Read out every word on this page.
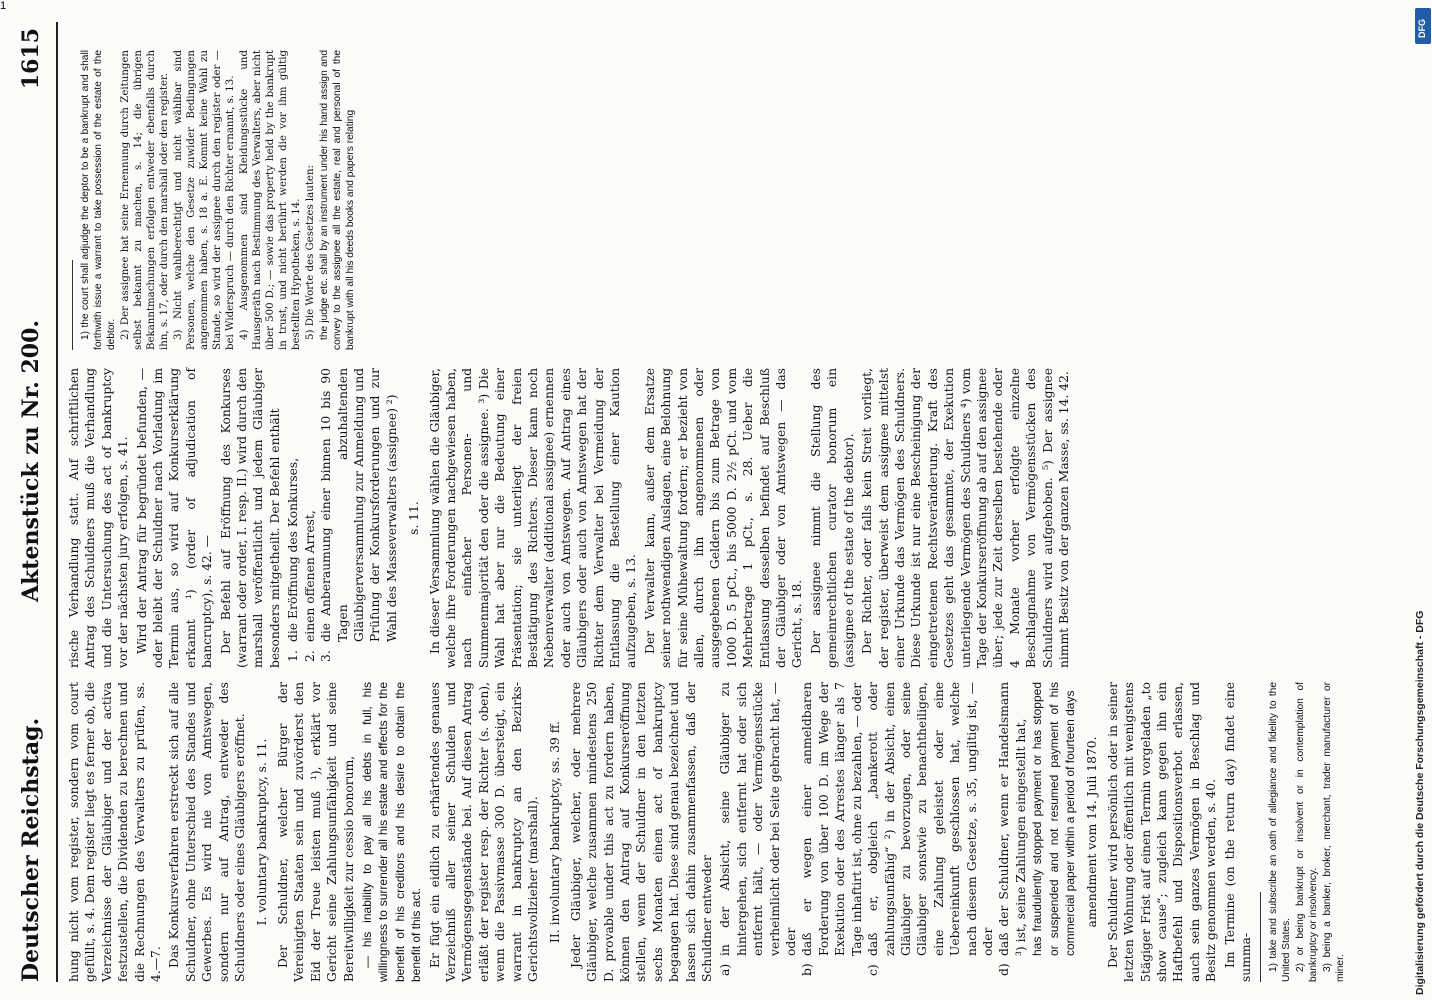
1
Deutscher Reichstag.
Aktenstück zu Nr. 200.
1615

hung nicht vom register, sondern vom court gefüllt, s. 4. Dem register liegt es ferner ob, die Verzeichnisse der Gläubiger und der activa festzustellen, die Dividenden zu berechnen und die Rechnungen des Verwalters zu prüfen, ss. 4.—7. Das Konkursverfahren erstreckt sich auf alle Schuldner, ohne Unterschied des Standes und Gewerbes. Es wird nie von Amtswegen, sondern nur auf Antrag, entweder des Schuldners oder eines Gläubigers eröffnet. I. voluntary bankruptcy, s. 11. Der Schuldner, welcher Bürger der Vereinigten Staaten sein und zuvörderst den Eid der Treue leisten muß ¹), erklärt vor Gericht seine Zahlungsunfähigkeit und seine Bereitwilligkeit zur cessio bonorum, — his inability to pay all his debts in full, his willingness to surrender all his estate and effects for the benefit of his creditors and his desire to obtain the benefit of this act. Er fügt ein eidlich zu erhärtendes genaues Verzeichniß aller seiner Schulden und Vermögensgegenstände bei. Auf diesen Antrag erläßt der register resp. der Richter (s. oben), wenn die Passivmasse 300 D. übersteigt, ein warrant in bankruptcy an den Bezirks-Gerichtsvollzieher (marshall). II. involuntary bankruptcy, ss. 39 ff. Jeder Gläubiger, welcher, oder mehrere Gläubiger, welche zusammen mindestens 250 D. provable under this act zu fordern haben, können den Antrag auf Konkurseröffnung stellen, wenn der Schuldner in den letzten sechs Monaten einen act of bankruptcy begangen hat. Diese sind genau bezeichnet und lassen sich dahin zusammenfassen, daß der Schuldner entweder a)
in der Absicht, seine Gläubiger zu hintergehen, sich entfernt hat oder sich entfernt hält, — oder Vermögensstücke verheimlicht oder bei Seite gebracht hat, — oder
b)
daß er wegen einer anmeldbaren Forderung von über 100 D. im Wege der Exekution oder des Arrestes länger als 7 Tage inhaftirt ist, ohne zu bezahlen, — oder
c)
daß er, obgleich „bankerott oder zahlungsunfähig“ ²) in der Absicht, einen Gläubiger zu bevorzugen, oder seine Gläubiger sonstwie zu benachtheiligen, eine Zahlung geleistet oder eine Uebereinkunft geschlossen hat, welche nach diesem Gesetze, s. 35, ungiltig ist, — oder
d)
daß der Schuldner, wenn er Handelsmann ³) ist, seine Zahlungen eingestellt hat, has fraudulently stopped payment or has stopped or suspended and not resumed payment of his commercial paper within a period of fourteen days amendment vom 14. Juli 1870. Der Schuldner wird persönlich oder in seiner letzten Wohnung oder öffentlich mit wenigstens 5tägiger Frist auf einen Termin vorgeladen „to show cause“; zugleich kann gegen ihn ein Haftbefehl und Dispositionsverbot erlassen, auch sein ganzes Vermögen in Beschlag und Besitz genommen werden, s. 40. Im Termine (on the return day) findet eine summa- 1) take and subscribe an oath of allegiance and fidelity to the United States. 2) or being bankrupt or insolvent or in contemplation of bankruptcy or insolvency. 3) being a banker, broker, merchant, trader manufacturer or miner.

rische Verhandlung statt. Auf schriftlichen Antrag des Schuldners muß die Verhandlung und die Untersuchung des act of bankruptcy vor der nächsten jury erfolgen, s. 41. Wird der Antrag für begründet befunden, — oder bleibt der Schuldner nach Vorladung im Termin aus, so wird auf Konkurserklärung erkannt ¹) (order of adjudication of bancruptcy), s. 42. — Der Befehl auf Eröffnung des Konkurses (warrant oder order, I. resp. II.) wird durch den marshall veröffentlicht und jedem Gläubiger besonders mitgetheilt. Der Befehl enthält 1.
die Eröffnung des Konkurses,
2.
einen offenen Arrest,
3.
die Anberaumung einer binnen 10 bis 90 Tagen abzuhaltenden Gläubigerversammlung zur Anmeldung und Prüfung der Konkursforderungen und zur Wahl des Masseverwalters (assignee) ²) s. 11. In dieser Versammlung wählen die Gläubiger, welche ihre Forderungen nachgewiesen haben, nach einfacher Personen- und Summenmajorität den oder die assignee. ³) Die Wahl hat aber nur die Bedeutung einer Präsentation; sie unterliegt der freien Bestätigung des Richters. Dieser kann noch Nebenverwalter (additional assignee) ernennen oder auch von Amtswegen. Auf Antrag eines Gläubigers oder auch von Amtswegen hat der Richter dem Verwalter bei Vermeidung der Entlassung die Bestellung einer Kaution aufzugeben, s. 13. Der Verwalter kann, außer dem Ersatze seiner nothwendigen Auslagen, eine Belohnung für seine Mühewaltung fordern; er bezieht von allen, durch ihn angenommenen oder ausgegebenen Geldern bis zum Betrage von 1000 D. 5 pCt., bis 5000 D. 2½ pCt. und vom Mehrbetrage 1 pCt., s. 28. Ueber die Entlassung desselben befindet auf Beschluß der Gläubiger oder von Amtswegen — das Gericht, s. 18. Der assignee nimmt die Stellung des gemeinrechtlichen curator bonorum ein (assignee of the estate of the debtor). Der Richter, oder falls kein Streit vorliegt, der register, überweist dem assignee mittelst einer Urkunde das Vermögen des Schuldners. Diese Urkunde ist nur eine Bescheinigung der eingetretenen Rechtsveränderung. Kraft des Gesetzes geht das gesammte, der Exekution unterliegende Vermögen des Schuldners ⁴) vom Tage der Konkurseröffnung ab auf den assignee über; jede zur Zeit derselben bestehende oder 4 Monate vorher erfolgte einzelne Beschlagnahme von Vermögensstücken des Schuldners wird aufgehoben. ⁵) Der assignee nimmt Besitz von der ganzen Masse, ss. 14. 42.

1) the court shall adjudge the deptor to be a bankrupt and shall forthwith issue a warrant to take possession of the estate of the debtor. 2) Der assignee hat seine Ernennung durch Zeitungen selbst bekannt zu machen, s. 14; die übrigen Bekanntmachungen erfolgen entweder ebenfalls durch ihn, s. 17, oder durch den marshall oder den register. 3) Nicht wahlberechtigt und nicht wählbar sind Personen, welche den Gesetze zuwider Bedingungen angenommen haben, s. 18 a. E. Kommt keine Wahl zu Stande, so wird der assignee durch den register oder — bei Widerspruch — durch den Richter ernannt, s. 13. 4) Ausgenommen sind Kleidungsstücke und Hausgeräth nach Bestimmung des Verwalters, aber nicht über 500 D.; — sowie das property held by the bankrupt in trust, und nicht berührt werden die vor ihm gültig bestellten Hypotheken, s. 14. 5) Die Worte des Gesetzes lauten: the judge etc. shall by an instrument under his hand assign and convey to the assignee all the estate, real and personal of the bankrupt with all his deeds books and papers relating

Digitalisierung gefördert durch die Deutsche Forschungsgemeinschaft - DFG
DFG
